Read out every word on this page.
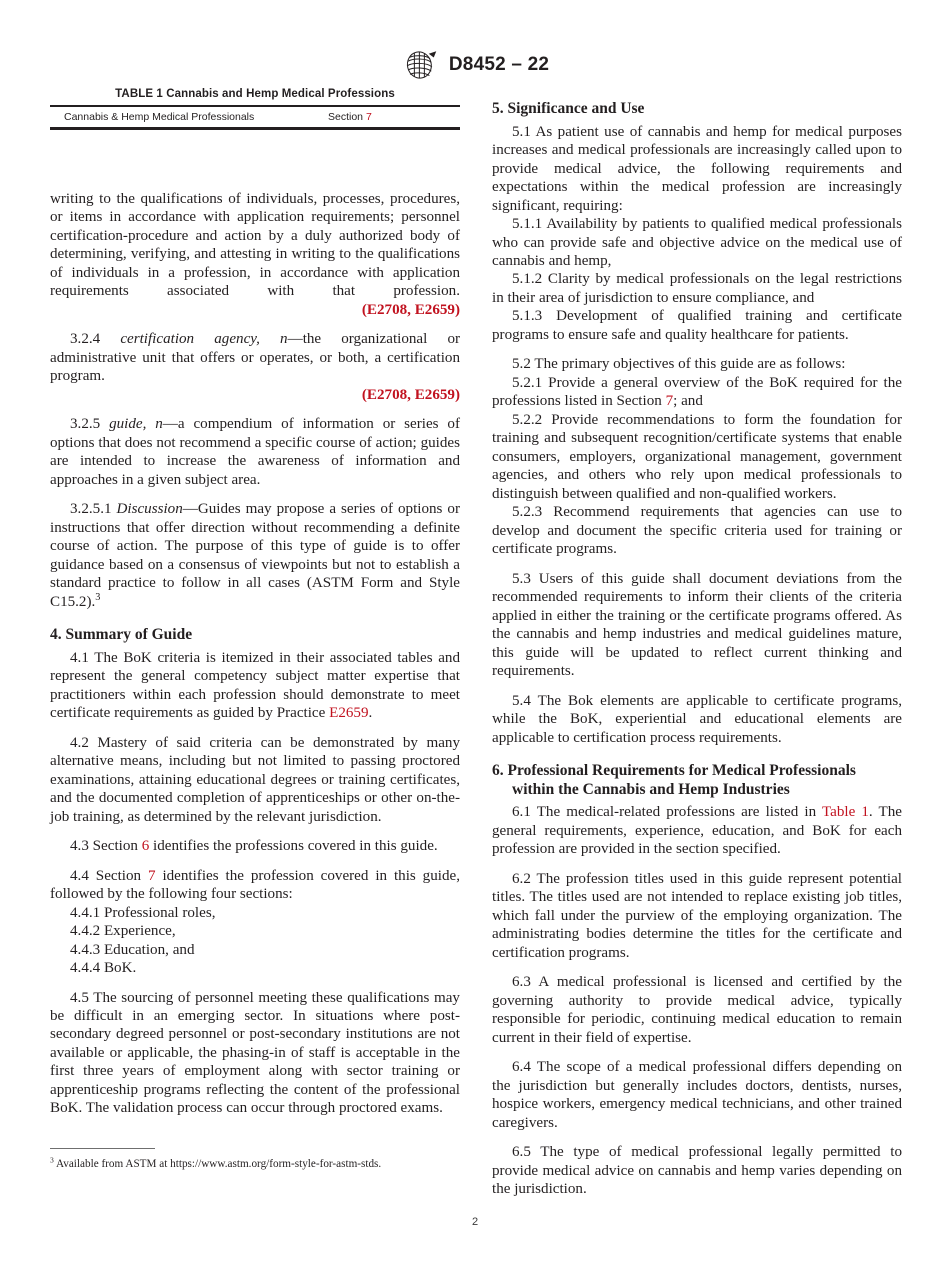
D8452 – 22
TABLE 1 Cannabis and Hemp Medical Professions
Cannabis & Hemp Medical Professionals	Section 7

writing to the qualifications of individuals, processes, procedures, or items in accordance with application requirements; personnel certification-procedure and action by a duly authorized body of determining, verifying, and attesting in writing to the qualifications of individuals in a profession, in accordance with application requirements associated with that profession. (E2708, E2659)

3.2.4 certification agency, n—the organizational or administrative unit that offers or operates, or both, a certification program. (E2708, E2659)

3.2.5 guide, n—a compendium of information or series of options that does not recommend a specific course of action; guides are intended to increase the awareness of information and approaches in a given subject area.

3.2.5.1 Discussion—Guides may propose a series of options or instructions that offer direction without recommending a definite course of action. The purpose of this type of guide is to offer guidance based on a consensus of viewpoints but not to establish a standard practice to follow in all cases (ASTM Form and Style C15.2).$^3$

4. Summary of Guide

4.1 The BoK criteria is itemized in their associated tables and represent the general competency subject matter expertise that practitioners within each profession should demonstrate to meet certificate requirements as guided by Practice E2659.

4.2 Mastery of said criteria can be demonstrated by many alternative means, including but not limited to passing proctored examinations, attaining educational degrees or training certificates, and the documented completion of apprenticeships or other on-the-job training, as determined by the relevant jurisdiction.

4.3 Section 6 identifies the professions covered in this guide.

4.4 Section 7 identifies the profession covered in this guide, followed by the following four sections:

4.4.1 Professional roles,

4.4.2 Experience,

4.4.3 Education, and

4.4.4 BoK.

4.5 The sourcing of personnel meeting these qualifications may be difficult in an emerging sector. In situations where post-secondary degreed personnel or post-secondary institutions are not available or applicable, the phasing-in of staff is acceptable in the first three years of employment along with sector training or apprenticeship programs reflecting the content of the professional BoK. The validation process can occur through proctored exams.

5. Significance and Use

5.1 As patient use of cannabis and hemp for medical purposes increases and medical professionals are increasingly called upon to provide medical advice, the following requirements and expectations within the medical profession are increasingly significant, requiring:

5.1.1 Availability by patients to qualified medical professionals who can provide safe and objective advice on the medical use of cannabis and hemp,

5.1.2 Clarity by medical professionals on the legal restrictions in their area of jurisdiction to ensure compliance, and

5.1.3 Development of qualified training and certificate programs to ensure safe and quality healthcare for patients.

5.2 The primary objectives of this guide are as follows:

5.2.1 Provide a general overview of the BoK required for the professions listed in Section 7; and

5.2.2 Provide recommendations to form the foundation for training and subsequent recognition/certificate systems that enable consumers, employers, organizational management, government agencies, and others who rely upon medical professionals to distinguish between qualified and non-qualified workers.

5.2.3 Recommend requirements that agencies can use to develop and document the specific criteria used for training or certificate programs.

5.3 Users of this guide shall document deviations from the recommended requirements to inform their clients of the criteria applied in either the training or the certificate programs offered. As the cannabis and hemp industries and medical guidelines mature, this guide will be updated to reflect current thinking and requirements.

5.4 The Bok elements are applicable to certificate programs, while the BoK, experiential and educational elements are applicable to certification process requirements.

6. Professional Requirements for Medical Professionals
within the Cannabis and Hemp Industries

6.1 The medical-related professions are listed in Table 1. The general requirements, experience, education, and BoK for each profession are provided in the section specified.

6.2 The profession titles used in this guide represent potential titles. The titles used are not intended to replace existing job titles, which fall under the purview of the employing organization. The administrating bodies determine the titles for the certificate and certification programs.

6.3 A medical professional is licensed and certified by the governing authority to provide medical advice, typically responsible for periodic, continuing medical education to remain current in their field of expertise.

6.4 The scope of a medical professional differs depending on the jurisdiction but generally includes doctors, dentists, nurses, hospice workers, emergency medical technicians, and other trained caregivers.

6.5 The type of medical professional legally permitted to provide medical advice on cannabis and hemp varies depending on the jurisdiction.

$^3$ Available from ASTM at https://www.astm.org/form-style-for-astm-stds.

2
